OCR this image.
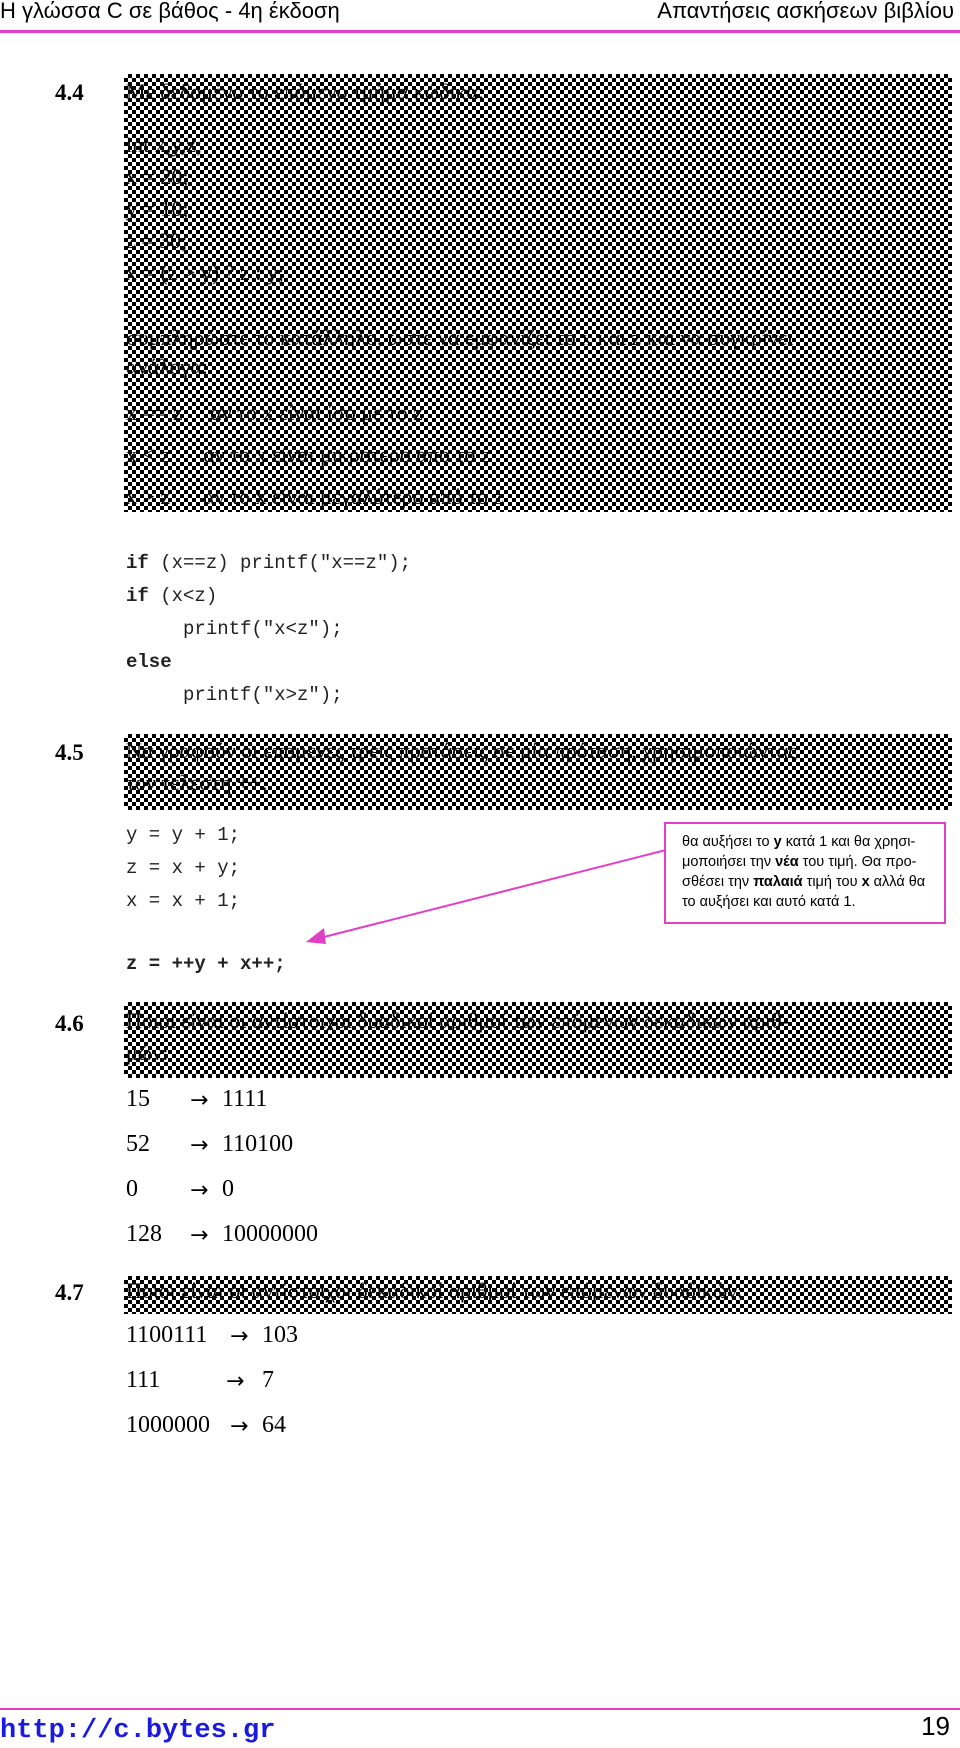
Η γλώσσα C σε βάθος - 4η έκδοση	Απαντήσεις ασκήσεων βιβλίου
4.4 Με δεδομένο το επόμενο τμήμα κώδικα:
int x,y,z;
x = 20;
y = 10;
z = 30;
x = (z > y) ? z : y;
συμπληρώστε το κατάλληλο, ώστε να εμφανίζει το x και z και να συγκρίνει
ανάλογα:
x == z     αν το x είναι ίσο με το z
x < z      αν το x είναι μικρότερο από το z
x > z      αν το x είναι μεγαλύτερο από το z
if (x==z) printf("x==z");
if (x<z)
printf("x<z");
else
printf("x>z");
4.5 Να γραφούν οι επόμενες τρεις προτάσεις σε μία πρόταση, χρησιμοποιώντας
τον τελεστή ++.
y = y + 1;
z = x + y;
x = x + 1;
z = ++y + x++;
θα αυξήσει το y κατά 1 και θα χρησι-μοποιήσει την νέα του τιμή. Θα προ-σθέσει την παλαιά τιμή του x αλλά θα το αυξήσει και αυτό κατά 1.
4.6 Ποιοι είναι οι αντίστοιχοι δυαδικοί αριθμοί των επόμενων δεκαδικών αριθ-
μών:
15 → 1111
52 → 110100
0 → 0
128 → 10000000
4.7 Ποιοι είναι οι αντίστοιχοι δεκαδικοί αριθμοί των επόμενων δυαδικών:
1100111 → 103
111	→ 7
1000000 → 64
http://c.bytes.gr	19
